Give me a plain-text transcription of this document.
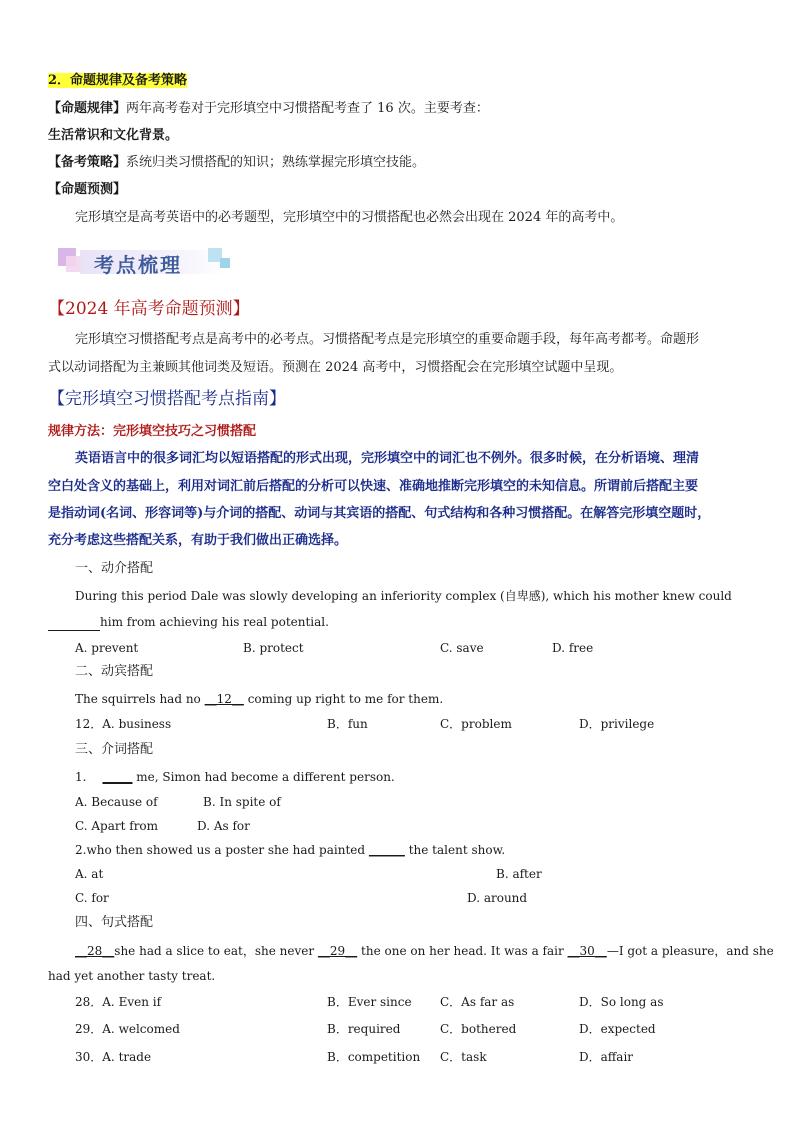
2．命题规律及备考策略
【命题规律】两年高考卷对于完形填空中习惯搭配考查了 16 次。主要考查：
生活常识和文化背景。
【备考策略】系统归类习惯搭配的知识；熟练掌握完形填空技能。
【命题预测】
完形填空是高考英语中的必考题型，完形填空中的习惯搭配也必然会出现在 2024 年的高考中。
考点梳理
【2024 年高考命题预测】
完形填空习惯搭配考点是高考中的必考点。习惯搭配考点是完形填空的重要命题手段，每年高考都考。命题形
式以动词搭配为主兼顾其他词类及短语。预测在 2024 高考中，习惯搭配会在完形填空试题中呈现。
【完形填空习惯搭配考点指南】
规律方法：完形填空技巧之习惯搭配
英语语言中的很多词汇均以短语搭配的形式出现，完形填空中的词汇也不例外。很多时候，在分析语境、理清
空白处含义的基础上，利用对词汇前后搭配的分析可以快速、准确地推断完形填空的未知信息。所谓前后搭配主要
是指动词(名词、形容词等)与介词的搭配、动词与其宾语的搭配、句式结构和各种习惯搭配。在解答完形填空题时，
充分考虑这些搭配关系，有助于我们做出正确选择。
一、动介搭配
During this period Dale was slowly developing an inferiority complex (自卑感), which his mother knew could
him from achieving his real potential.
A. prevent	B. protect	C. save	D. free
二、动宾搭配
The squirrels had no __12__ coming up right to me for them.
12．A. business	B．fun	C．problem	D．privilege
三、介词搭配
1. _____ me, Simon had become a different person.
A. Because of	B. In spite of
C. Apart from	D. As for
2.who then showed us a poster she had painted ______ the talent show.
A. at	B. after
C. for	D. around
四、句式搭配
__28__she had a slice to eat，she never __29__ the one on her head. It was a fair __30__—I got a pleasure，and she
had yet another tasty treat.
28．A. Even if	B．Ever since C．As far as	D．So long as
29．A. welcomed	B．required	C．bothered	D．expected
30．A. trade	B．competition C．task	D．affair
